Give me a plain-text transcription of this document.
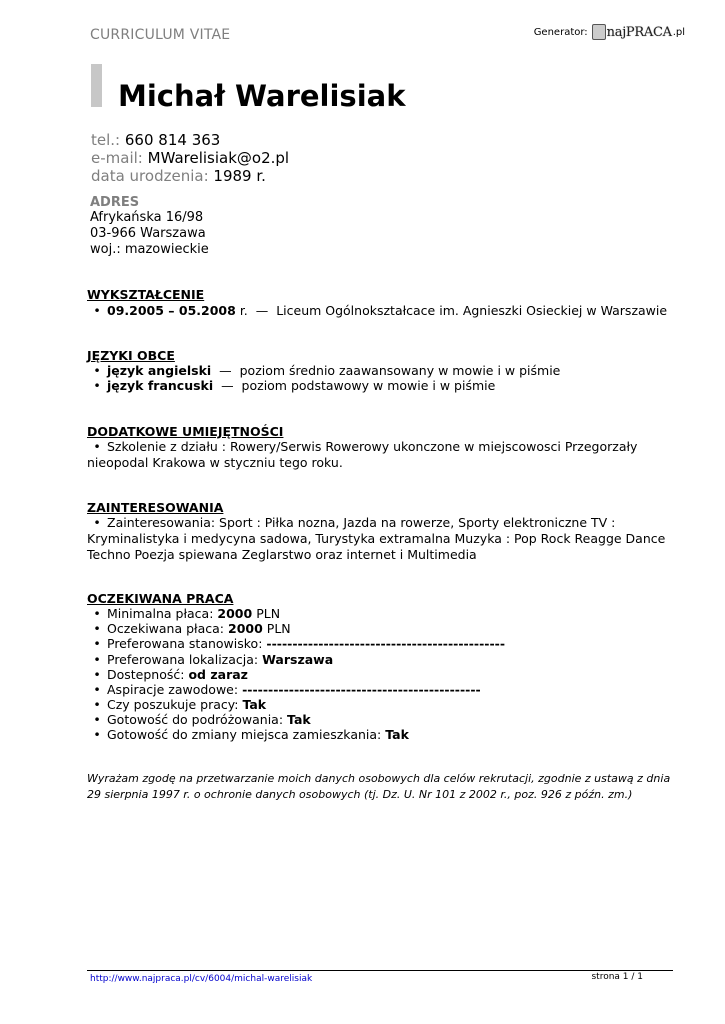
CURRICULUM VITAE	Generator: najPRACA .pl
Michał Warelisiak
tel.: 660 814 363
e-mail: MWarelisiak@o2.pl
data urodzenia: 1989 r.
ADRES
Afrykańska 16/98
03-966 Warszawa
woj.: mazowieckie
WYKSZTAŁCENIE
• 09.2005 – 05.2008 r. — Liceum Ogólnokształcace im. Agnieszki Osieckiej w Warszawie
JĘZYKI OBCE
• język angielski — poziom średnio zaawansowany w mowie i w piśmie
• język francuski — poziom podstawowy w mowie i w piśmie
DODATKOWE UMIEJĘTNOŚCI
• Szkolenie z działu : Rowery/Serwis Rowerowy ukonczone w miejscowosci Przegorzały nieopodal Krakowa w styczniu tego roku.
ZAINTERESOWANIA
• Zainteresowania: Sport : Piłka nozna, Jazda na rowerze, Sporty elektroniczne TV : Kryminalistyka i medycyna sadowa, Turystyka extramalna Muzyka : Pop Rock Reagge Dance Techno Poezja spiewana Zeglarstwo oraz internet i Multimedia
OCZEKIWANA PRACA
• Minimalna płaca: 2000 PLN
• Oczekiwana płaca: 2000 PLN
• Preferowana stanowisko: ----------------------------------------------
• Preferowana lokalizacja: Warszawa
• Dostepność: od zaraz
• Aspiracje zawodowe: ----------------------------------------------
• Czy poszukuje pracy: Tak
• Gotowość do podróżowania: Tak
• Gotowość do zmiany miejsca zamieszkania: Tak
Wyrażam zgodę na przetwarzanie moich danych osobowych dla celów rekrutacji, zgodnie z ustawą z dnia 29 sierpnia 1997 r. o ochronie danych osobowych (tj. Dz. U. Nr 101 z 2002 r., poz. 926 z późn. zm.)
http://www.najpraca.pl/cv/6004/michal-warelisiak	strona 1 / 1
